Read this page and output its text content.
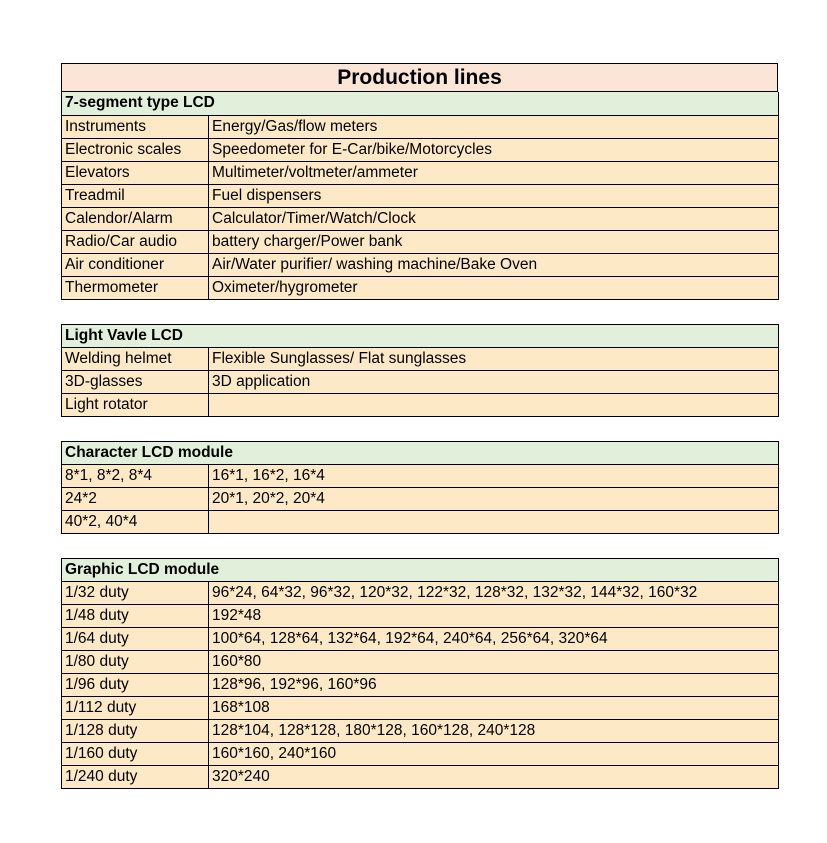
Production lines
7-segment type LCD	
Instruments	Energy/Gas/flow meters
Electronic scales	Speedometer for E-Car/bike/Motorcycles
Elevators	Multimeter/voltmeter/ammeter
Treadmil	Fuel dispensers
Calendor/Alarm	Calculator/Timer/Watch/Clock
Radio/Car audio	battery charger/Power bank
Air conditioner	Air/Water purifier/ washing machine/Bake Oven
Thermometer	Oximeter/hygrometer
Light Vavle LCD	
Welding helmet	Flexible Sunglasses/ Flat sunglasses
3D-glasses	3D application
Light rotator	
Character LCD module	
8*1, 8*2, 8*4	16*1, 16*2, 16*4
24*2	20*1, 20*2, 20*4
40*2, 40*4	
Graphic LCD module	
1/32 duty	96*24, 64*32, 96*32, 120*32, 122*32, 128*32, 132*32, 144*32, 160*32
1/48 duty	192*48
1/64 duty	100*64, 128*64, 132*64, 192*64, 240*64, 256*64, 320*64
1/80 duty	160*80
1/96 duty	128*96, 192*96, 160*96
1/112 duty	168*108
1/128 duty	128*104, 128*128, 180*128, 160*128, 240*128
1/160 duty	160*160, 240*160
1/240 duty	320*240
